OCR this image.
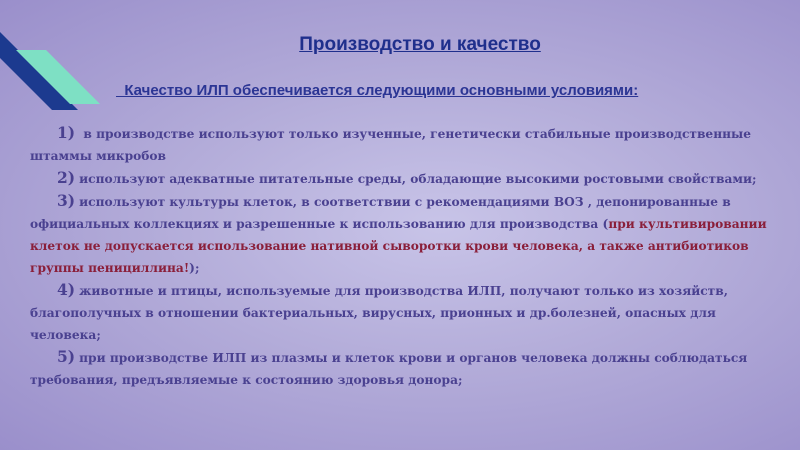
Производство и качество
Качество ИЛП обеспечивается следующими основными условиями:

1) в производстве используют только изученные, генетически стабильные производственные штаммы микробов

2) используют адекватные питательные среды, обладающие высокими ростовыми свойствами;

3) используют культуры клеток, в соответствии с рекомендациями ВОЗ , депонированные в официальных коллекциях и разрешенные к использованию для производства (при культивировании клеток не допускается использование нативной сыворотки крови человека, а также антибиотиков группы пенициллина!);

4) животные и птицы, используемые для производства ИЛП, получают только из хозяйств, благополучных в отношении бактериальных, вирусных, прионных и др.болезней, опасных для человека;

5) при производстве ИЛП из плазмы и клеток крови и органов человека должны соблюдаться требования, предъявляемые к состоянию здоровья донора;
